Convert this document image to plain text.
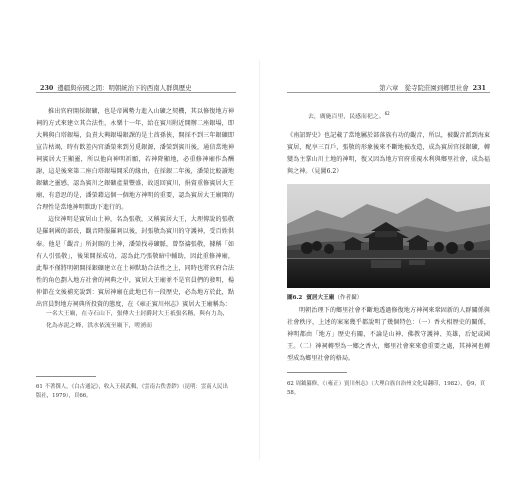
230 邊疆與帝國之間：明朝統治下的西南人群與歷史

推出官府開採銀礦，也是帝國勢力進入山礦之契機，其以修復地方神祠的方式來建立其合法性，永樂十一年，給在賓川附近開辦二座銀場，即大興與白塔銀場，負責大興銀場銀課的是土酋孫俠，開採不到三年銀礦即宣告枯竭，時有飲差內官潘榮來到另覓銀源，潘榮到賓川後，通信當地神祠賓居大王顯靈，所以他向神明祈願，若神降顯地，必重修神廟作為酬謝，這是後來第二座白塔銀場開采的緣由，在採銀二年後，潘榮比較讀地銀礦之靈感，認為賓川之銀礦產量豐盛，故返回賓川，捐資重修賓居大王廟，有意思的是，潘榮藉這個一個地方神明的重要，認為賓居大王廟開的合理性是當地神明默助下進行的。

這位神明是賓居山土神，名為張敬，又稱賓居大王，大理傳說的張敬是羅剎國的部長，觀音降服羅剎以後，封張敬為賓川的守護神，受百姓供奉。他是「觀音」所封賜的土神，潘榮找尋礦脈，曾祭禱張敬，據稱「如有人引張敬」，後果開採成功，認為此乃張敬暗中輔助，因此重修神廟，此舉不僅將明朝開採銀礦建立在土神默助合法性之上，同時也將官府合法性的角色劃入地方社會的祠典之中，賓居大王廟並不是官員們的發明，楊仲節在文後補充說到：賓居神廟在此地已有一段歷史，必為地方於此，點出官員對地方祠典所投資的態度，在《雍正賓川州志》賓居大王廟稱為：

一名大王廟，在寺石山下，張傳大士封爵封大王祇張名稱，與有力為，化為赤泥之峰，洪水依流至廟下，嗟湧而
61 不著撰人，《白古通記》，收入王叔武輯，《雲南古佚書鈔》（昆明：雲南人民出版社，1979），頁66。
第六章　從寺院莊園到鄉里社會 231
去，廣施百里，民感而祀之。$^{62}$
《南詔野史》也記載了當地屬於部落族有功的觀音，所以，被觀音派到海東賓居，配享三百戶，張敬的形象後來不斷地被改造，成為賓居官採銀礦，轉變為主掌山川土地的神明，復又因為地方官府重視水利與鄉里社會，成為福與之神。（見圖6.2）
圖6.2 賓居大王廟（作者攝）

明朝治理下的鄉里社會不斷地透過修復地方神祠來鞏固新的人群關係與社會秩序，上述的案案幾乎都說明了幾個特色：（一）香火相歷史的關係，神明都由「地方」歷史有關，不論是山神、佛教守護神、英雄，后妃或國王。（二）神祠轉型為一鄉之香火，鄉里社會來來愈重要之處，其神祠也轉型成為鄉里社會的格局。

62 周鉞纂修，《（雍正）賓川州志》（大理白族自治州文化局翻印，1982），卷9，頁58。
